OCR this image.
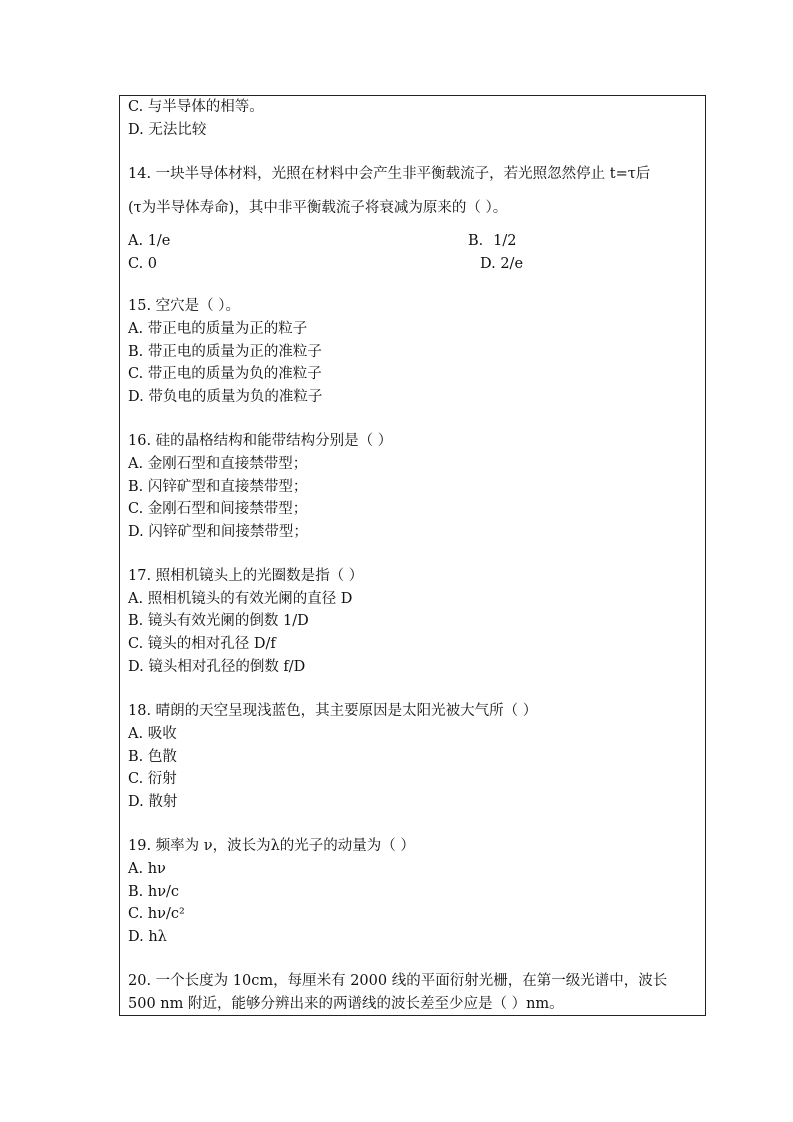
C. 与半导体的相等。
D. 无法比较
14. 一块半导体材料，光照在材料中会产生非平衡载流子，若光照忽然停止 t=τ后
(τ为半导体寿命)，其中非平衡载流子将衰减为原来的（ ）。
A. 1/e	B．1/2
C. 0	D. 2/e
15. 空穴是（ ）。
A. 带正电的质量为正的粒子
B. 带正电的质量为正的准粒子
C. 带正电的质量为负的准粒子
D. 带负电的质量为负的准粒子
16. 硅的晶格结构和能带结构分别是（ ）
A. 金刚石型和直接禁带型；
B. 闪锌矿型和直接禁带型；
C. 金刚石型和间接禁带型；
D. 闪锌矿型和间接禁带型；
17. 照相机镜头上的光圈数是指（ ）
A. 照相机镜头的有效光阑的直径 D
B. 镜头有效光阑的倒数 1/D
C. 镜头的相对孔径 D/f
D. 镜头相对孔径的倒数 f/D
18. 晴朗的天空呈现浅蓝色，其主要原因是太阳光被大气所（ ）
A. 吸收
B. 色散
C. 衍射
D. 散射
19. 频率为 ν，波长为λ的光子的动量为（ ）
A. hν
B. hν/c
C. hν/c²
D. hλ
20. 一个长度为 10cm，每厘米有 2000 线的平面衍射光栅，在第一级光谱中，波长
500 nm 附近，能够分辨出来的两谱线的波长差至少应是（ ）nm。
